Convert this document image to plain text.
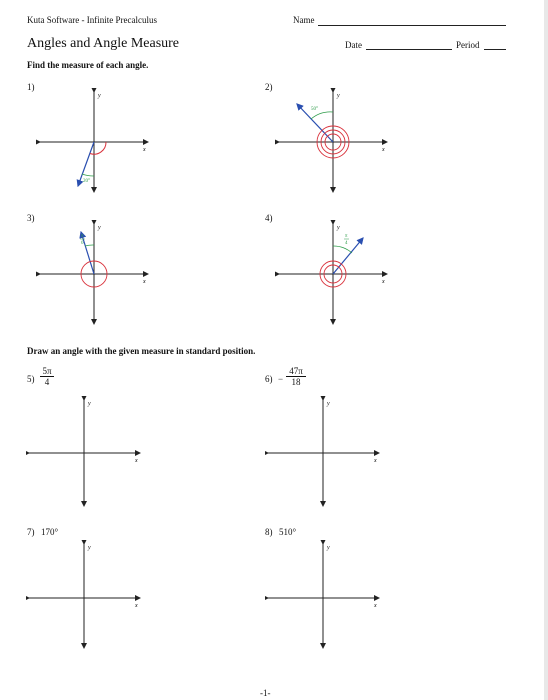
Kuta Software - Infinite Precalculus	Name
Angles and Angle Measure	Date	Period
Find the measure of each angle.
1)	2)
3)	4)
y
x
20°
y
x
50°
y
x
π
6
y
x
π
4
Draw an angle with the given measure in standard position.
$5) \frac{5\pi}{4}$	$6) - \frac{47\pi}{18}$
y
x
y
x
7) 170°	8) 510°
y
x
y
x
-1-
